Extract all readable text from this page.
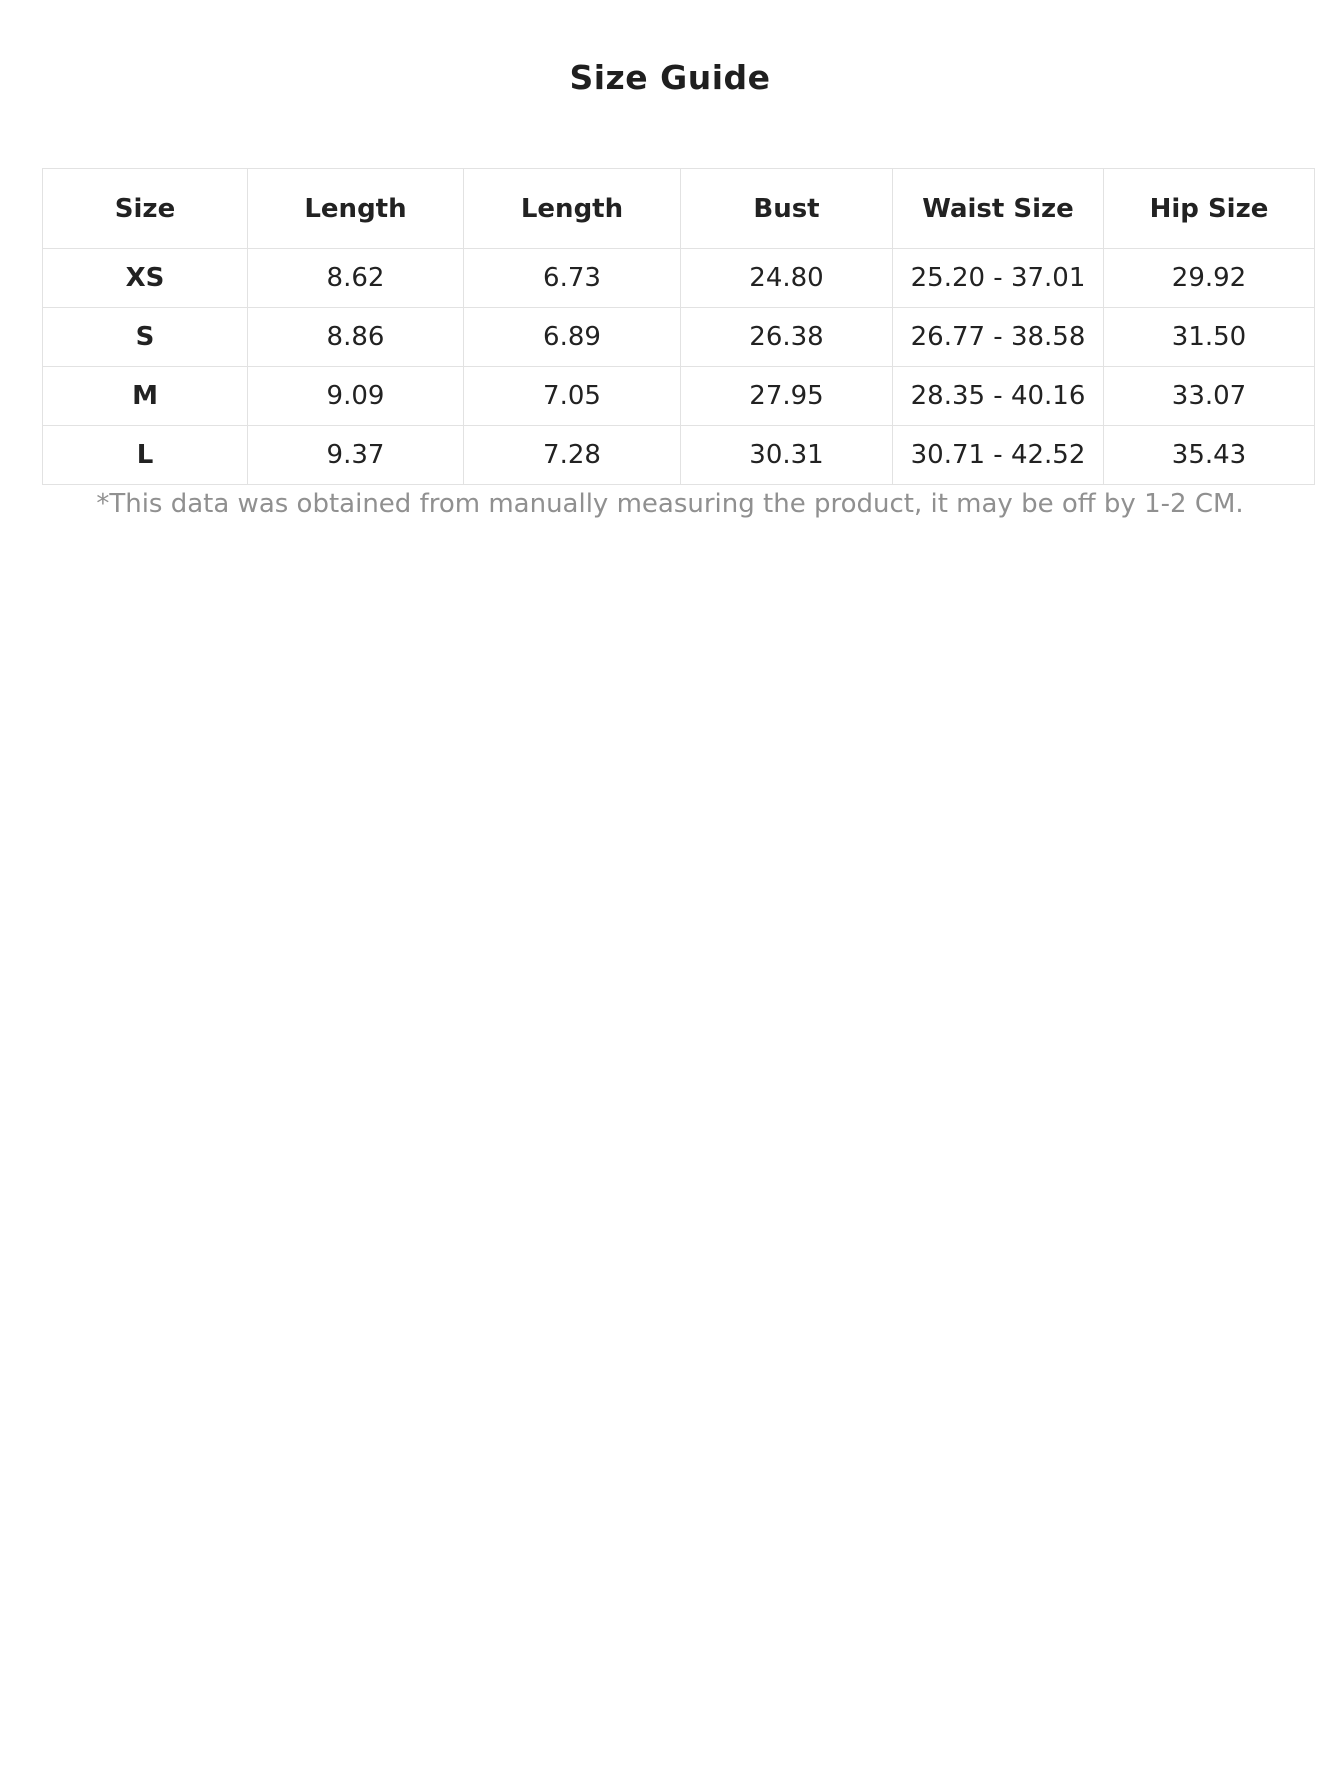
Size Guide
Size	Length	Length	Bust	Waist Size	Hip Size
XS	8.62	6.73	24.80	25.20 - 37.01	29.92
S	8.86	6.89	26.38	26.77 - 38.58	31.50
M	9.09	7.05	27.95	28.35 - 40.16	33.07
L	9.37	7.28	30.31	30.71 - 42.52	35.43
*This data was obtained from manually measuring the product, it may be off by 1-2 CM.
